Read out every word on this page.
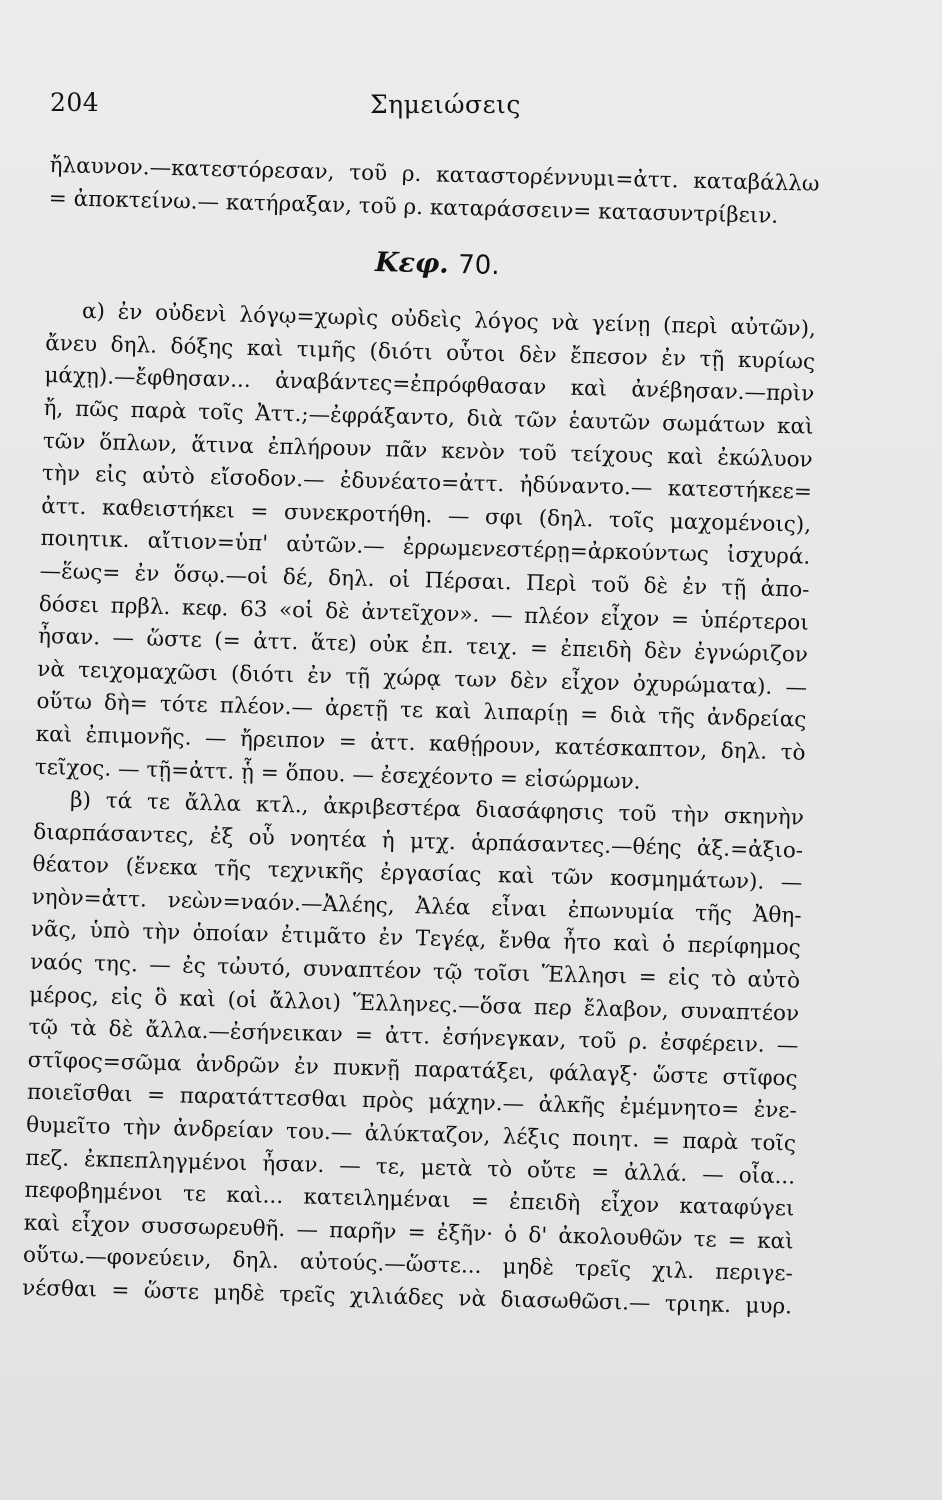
204	Σημειώσεις
ἤλαυνον.—κατεστόρεσαν, τοῦ ρ. καταστορέννυμι=ἀττ. καταβάλλω
= ἀποκτείνω.— κατήραξαν, τοῦ ρ. καταράσσειν= κατασυντρίβειν.
Κεφ. 70.
α) ἐν οὐδενὶ λόγῳ=χωρὶς οὐδεὶς λόγος νὰ γείνῃ (περὶ αὐτῶν),
ἄνευ δηλ. δόξης καὶ τιμῆς (διότι οὗτοι δὲν ἔπεσον ἐν τῇ κυρίως
μάχῃ).—ἔφθησαν... ἀναβάντες=ἐπρόφθασαν καὶ ἀνέβησαν.—πρὶν
ἤ, πῶς παρὰ τοῖς Ἀττ.;—ἐφράξαντο, διὰ τῶν ἑαυτῶν σωμάτων καὶ
τῶν ὅπλων, ἅτινα ἐπλήρουν πᾶν κενὸν τοῦ τείχους καὶ ἐκώλυον
τὴν εἰς αὐτὸ εἴσοδον.— ἐδυνέατο=ἀττ. ἠδύναντο.— κατεστήκεε=
ἀττ. καθειστήκει = συνεκροτήθη. — σφι (δηλ. τοῖς μαχομένοις),
ποιητικ. αἴτιον=ὑπ' αὐτῶν.— ἐρρωμενεστέρῃ=ἀρκούντως ἰσχυρά.
—ἕως= ἐν ὅσῳ.—οἱ δέ, δηλ. οἱ Πέρσαι. Περὶ τοῦ δὲ ἐν τῇ ἀπο-
δόσει πρβλ. κεφ. 63 «οἱ δὲ ἀντεῖχον». — πλέον εἶχον = ὑπέρτεροι
ἦσαν. — ὥστε (= ἀττ. ἅτε) οὐκ ἐπ. τειχ. = ἐπειδὴ δὲν ἐγνώριζον
νὰ τειχομαχῶσι (διότι ἐν τῇ χώρᾳ των δὲν εἶχον ὀχυρώματα). —
οὕτω δὴ= τότε πλέον.— ἀρετῇ τε καὶ λιπαρίῃ = διὰ τῆς ἀνδρείας
καὶ ἐπιμονῆς. — ἤρειπον = ἀττ. καθῄρουν, κατέσκαπτον, δηλ. τὸ
τεῖχος. — τῇ=ἀττ. ᾗ = ὅπου. — ἐσεχέοντο = εἰσώρμων.
β) τά τε ἄλλα κτλ., ἀκριβεστέρα διασάφησις τοῦ τὴν σκηνὴν
διαρπάσαντες, ἐξ οὗ νοητέα ἡ μτχ. ἁρπάσαντες.—θέης ἀξ.=ἀξιο-
θέατον (ἕνεκα τῆς τεχνικῆς ἐργασίας καὶ τῶν κοσμημάτων). —
νηὸν=ἀττ. νεὼν=ναόν.—Ἀλέης, Ἀλέα εἶναι ἐπωνυμία τῆς Ἀθη-
νᾶς, ὑπὸ τὴν ὁποίαν ἐτιμᾶτο ἐν Τεγέᾳ, ἔνθα ἦτο καὶ ὁ περίφημος
ναός της. — ἐς τὠυτό, συναπτέον τῷ τοῖσι Ἕλλησι = εἰς τὸ αὐτὸ
μέρος, εἰς ὃ καὶ (οἱ ἄλλοι) Ἕλληνες.—ὅσα περ ἔλαβον, συναπτέον
τῷ τὰ δὲ ἄλλα.—ἐσήνεικαν = ἀττ. ἐσήνεγκαν, τοῦ ρ. ἐσφέρειν. —
στῖφος=σῶμα ἀνδρῶν ἐν πυκνῇ παρατάξει, φάλαγξ· ὥστε στῖφος
ποιεῖσθαι = παρατάττεσθαι πρὸς μάχην.— ἀλκῆς ἐμέμνητο= ἐνε-
θυμεῖτο τὴν ἀνδρείαν του.— ἀλύκταζον, λέξις ποιητ. = παρὰ τοῖς
πεζ. ἐκπεπληγμένοι ἦσαν. — τε, μετὰ τὸ οὔτε = ἀλλά. — οἷα...
πεφοβημένοι τε καὶ... κατειλημέναι = ἐπειδὴ εἶχον καταφύγει
καὶ εἶχον συσσωρευθῆ. — παρῆν = ἐξῆν· ὁ δ' ἀκολουθῶν τε = καὶ
οὕτω.—φονεύειν, δηλ. αὐτούς.—ὥστε... μηδὲ τρεῖς χιλ. περιγε-
νέσθαι = ὥστε μηδὲ τρεῖς χιλιάδες νὰ διασωθῶσι.— τριηκ. μυρ.
